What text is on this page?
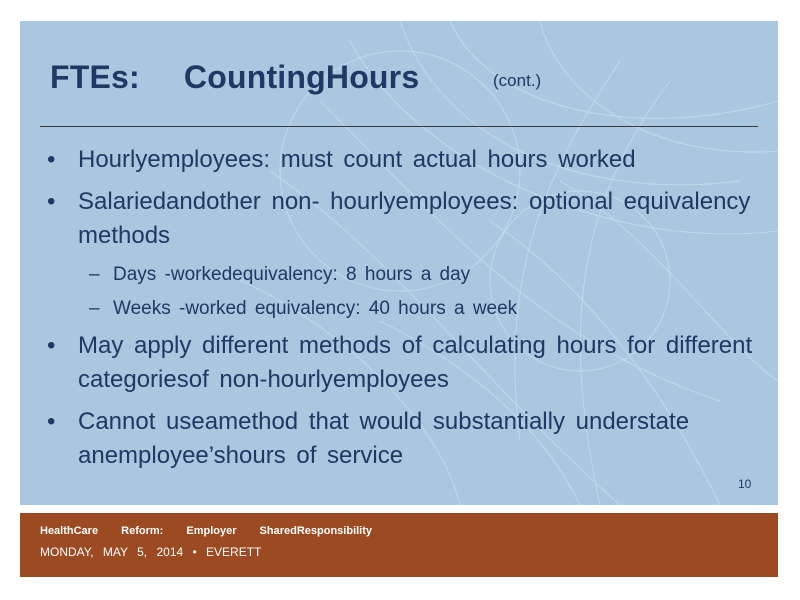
FTEs: CountingHours	(cont.)
• Hourlyemployees: must count actual hours worked
• Salariedandother non- hourlyemployees: optional equivalency methods
– Days -workedequivalency: 8 hours a day
– Weeks -worked equivalency: 40 hours a week
• May apply different methods of calculating hours for different categoriesof non-hourlyemployees
• Cannot useamethod that would substantially understate anemployee’shours of service
10
HealthCare Reform: Employer SharedResponsibility
MONDAY, MAY 5, 2014 • EVERETT
